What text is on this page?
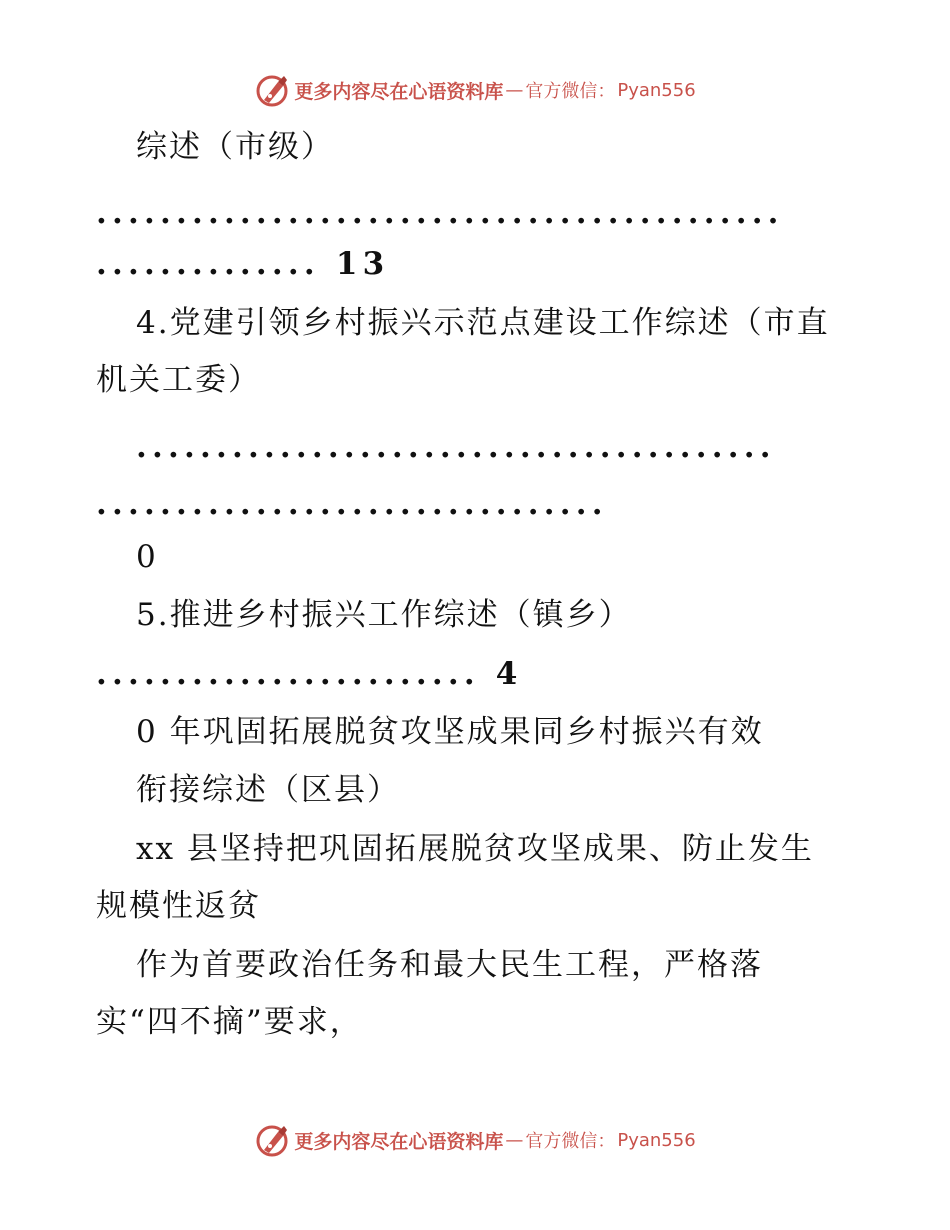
更多内容尽在心语资料库 — 官方微信： Pyan556
综述（市级）
...........................................
.............. 13
4.党建引领乡村振兴示范点建设工作综述（市直
机关工委）
........................................
................................
0
5.推进乡村振兴工作综述（镇乡）
........................ 4
0 年巩固拓展脱贫攻坚成果同乡村振兴有效
衔接综述（区县）
xx 县坚持把巩固拓展脱贫攻坚成果、防止发生
规模性返贫
作为首要政治任务和最大民生工程，严格落
实“四不摘”要求，
更多内容尽在心语资料库 — 官方微信： Pyan556
